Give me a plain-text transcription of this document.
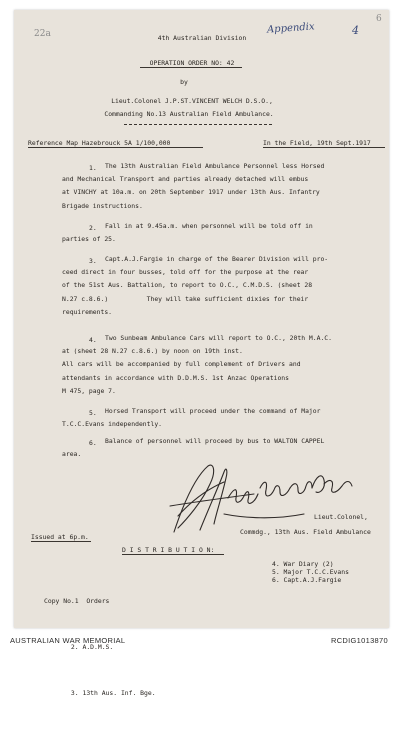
22a	Appendix	4
6
4th Australian Division
OPERATION ORDER NO: 42
by
Lieut.Colonel J.P.ST.VINCENT WELCH D.S.O.,
Commanding No.13 Australian Field Ambulance.
Reference Map Hazebrouck 5A 1/100,000	In the Field, 19th Sept.1917
1.
2.
3.
4.
5.
6.
The 13th Australian Field Ambulance Personnel less Horsed
and Mechanical Transport and parties already detached will embus
at VINCHY at 10a.m. on 20th September 1917 under 13th Aus. Infantry
Brigade instructions.
Fall in at 9.45a.m. when personnel will be told off in
parties of 25.
Capt.A.J.Fargie in charge of the Bearer Division will pro-
ceed direct in four busses, told off for the purpose at the rear
of the 51st Aus. Battalion, to report to O.C., C.M.D.S. (sheet 28
N.27 c.8.6.)          They will take sufficient dixies for their
requirements.
Two Sunbeam Ambulance Cars will report to O.C., 20th M.A.C.
at (sheet 28 N.27 c.8.6.) by noon on 19th inst.
All cars will be accompanied by full complement of Drivers and
attendants in accordance with D.D.M.S. 1st Anzac Operations
M 475, page 7.
Horsed Transport will proceed under the command of Major
T.C.C.Evans independently.
Balance of personnel will proceed by bus to WALTON CAPPEL
area.
Lieut.Colonel,
Commdg., 13th Aus. Field Ambulance
Issued at 6p.m.
D I S T R I B U T I O N:

Copy No.1  Orders

2. A.D.M.S.

3. 13th Aus. Inf. Bge.

4. War Diary (2)
5. Major T.C.C.Evans
6. Capt.A.J.Fargie
AUSTRALIAN WAR MEMORIAL	RCDIG1013870
